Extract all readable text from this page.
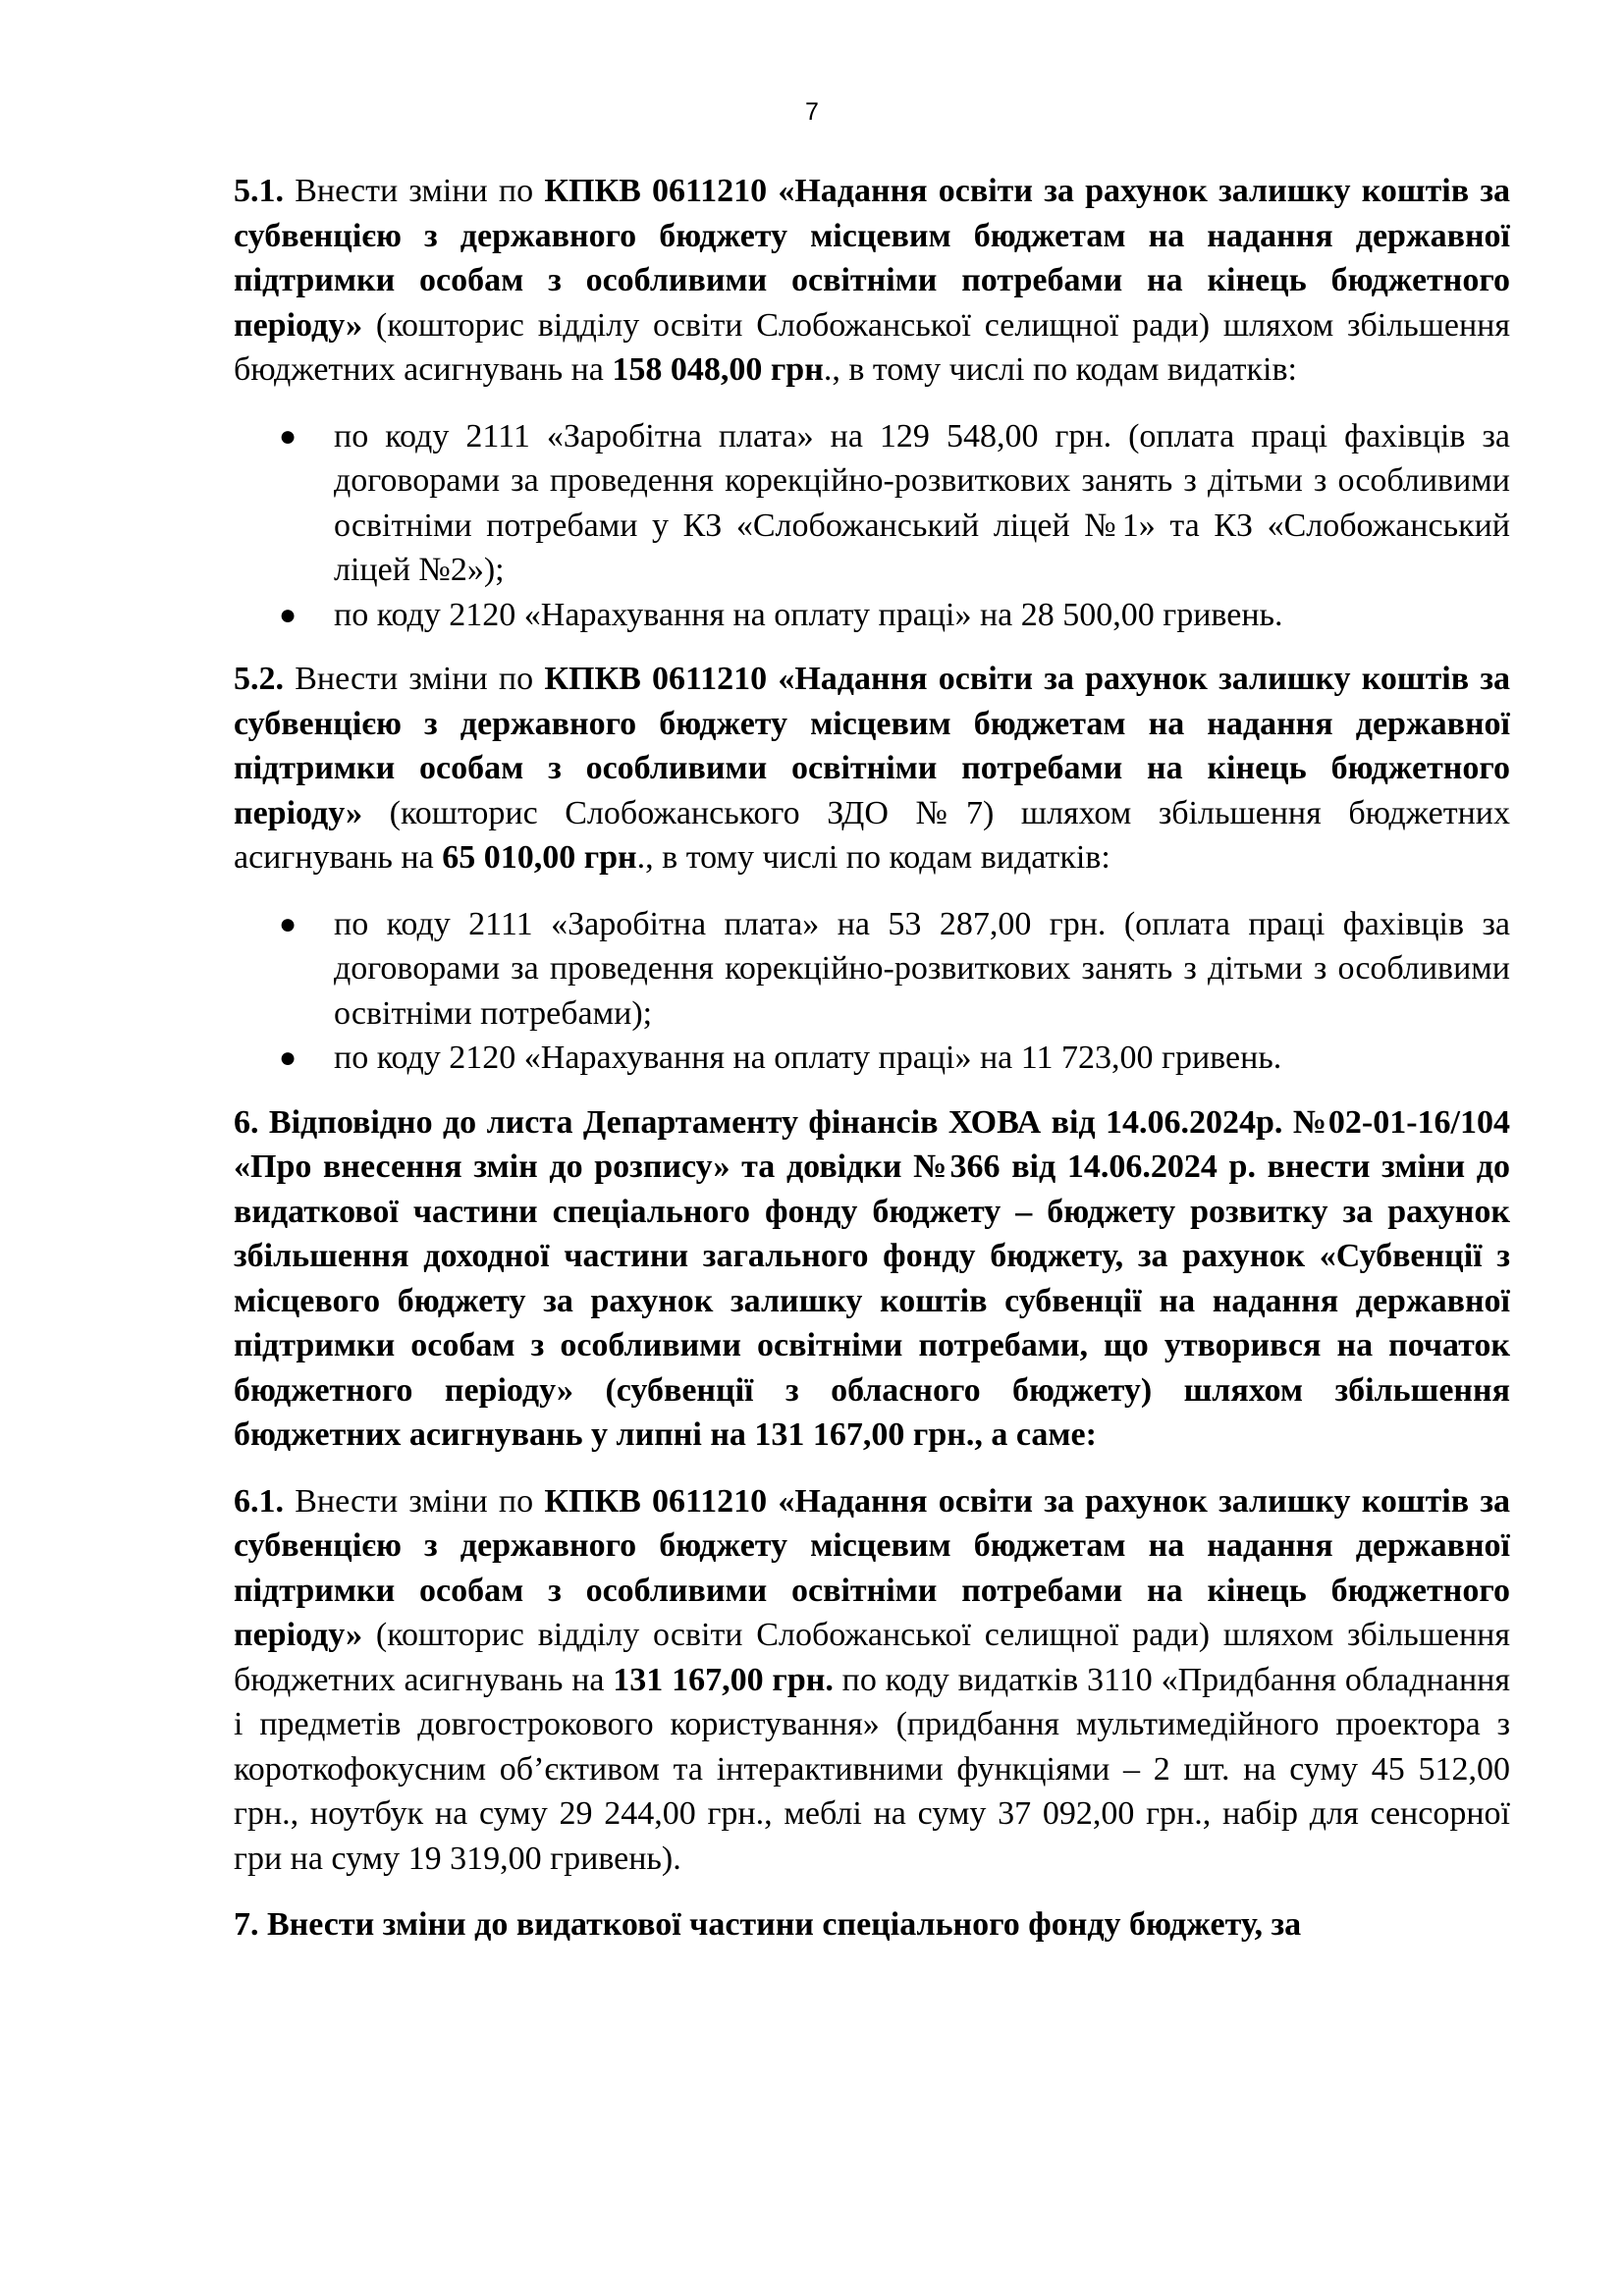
7

5.1. Внести зміни по КПКВ 0611210 «Надання освіти за рахунок залишку коштів за субвенцією з державного бюджету місцевим бюджетам на надання державної підтримки особам з особливими освітніми потребами на кінець бюджетного періоду» (кошторис відділу освіти Слобожанської селищної ради) шляхом збільшення бюджетних асигнувань на 158 048,00 грн., в тому числі по кодам видатків:

● по коду 2111 «Заробітна плата» на 129 548,00 грн. (оплата праці фахівців за договорами за проведення корекційно-розвиткових занять з дітьми з особливими освітніми потребами у КЗ «Слобожанський ліцей №1» та КЗ «Слобожанський ліцей №2»);
● по коду 2120 «Нарахування на оплату праці» на 28 500,00 гривень.

5.2. Внести зміни по КПКВ 0611210 «Надання освіти за рахунок залишку коштів за субвенцією з державного бюджету місцевим бюджетам на надання державної підтримки особам з особливими освітніми потребами на кінець бюджетного періоду» (кошторис Слобожанського ЗДО №7) шляхом збільшення бюджетних асигнувань на 65 010,00 грн., в тому числі по кодам видатків:

● по коду 2111 «Заробітна плата» на 53 287,00 грн. (оплата праці фахівців за договорами за проведення корекційно-розвиткових занять з дітьми з особливими освітніми потребами);
● по коду 2120 «Нарахування на оплату праці» на 11 723,00 гривень.

6. Відповідно до листа Департаменту фінансів ХОВА від 14.06.2024р. №02-01-16/104 «Про внесення змін до розпису» та довідки №366 від 14.06.2024 р. внести зміни до видаткової частини спеціального фонду бюджету – бюджету розвитку за рахунок збільшення доходної частини загального фонду бюджету, за рахунок «Субвенції з місцевого бюджету за рахунок залишку коштів субвенції на надання державної підтримки особам з особливими освітніми потребами, що утворився на початок бюджетного періоду» (субвенції з обласного бюджету) шляхом збільшення бюджетних асигнувань у липні на 131 167,00 грн., а саме:

6.1. Внести зміни по КПКВ 0611210 «Надання освіти за рахунок залишку коштів за субвенцією з державного бюджету місцевим бюджетам на надання державної підтримки особам з особливими освітніми потребами на кінець бюджетного періоду» (кошторис відділу освіти Слобожанської селищної ради) шляхом збільшення бюджетних асигнувань на 131 167,00 грн. по коду видатків 3110 «Придбання обладнання і предметів довгострокового користування» (придбання мультимедійного проектора з короткофокусним об’єктивом та інтерактивними функціями – 2 шт. на суму 45 512,00 грн., ноутбук на суму 29 244,00 грн., меблі на суму 37 092,00 грн., набір для сенсорної гри на суму 19 319,00 гривень).

7. Внести зміни до видаткової частини спеціального фонду бюджету, за
